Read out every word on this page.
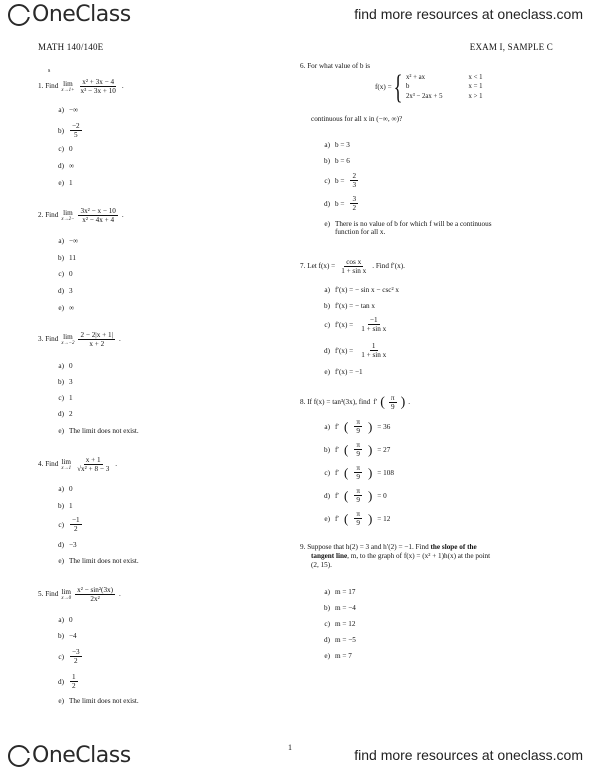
OneClass	find more resources at oneclass.com
MATH 140/140E	EXAM I, SAMPLE C
s
1. Find lim
$x\to 1+ \frac{\text{x² + 3x − 4}}{\text{x³ − 3x + 10}}$ .
a) −∞
$b) \frac{-2}{5}$
c) 0
d) ∞
e) 1
2. Find lim
$x\to 2- \frac{\text{3x² − x − 10}}{\text{x² − 4x + 4}}$ .
a) −∞
b) 11
c) 0
d) 3
e) ∞
3. Find lim
$x\to-2 \frac{2 - 2|x + 1|}{x + 2}$ .
a) 0
b) 3
c) 1
d) 2
e) The limit does not exist.
4. Find lim
$x\to 1 \frac{x + 1}{\text{√x² + 8 − 3}}$ .
a) 0
b) 1
$c) \frac{-1}{2}$
d) −3
e) The limit does not exist.
5. Find lim
$x\to 0 \frac{\text{x² − sin²(3x)}}{\text{2x²}}$ .
a) 0
b) −4
$c) \frac{-3}{2}$
$d) \frac{1}{2}$
e) The limit does not exist.
6. For what value of b is
f(x) = { x² + ax	x < 1
b	x = 1
2x³ − 2ax + 5	x > 1
continuous for all x in (−∞, ∞)?
a) b = 3
b) b = 6
c) $b = \frac{2}{3}$
d) $b = \frac{3}{2}$
e) There is no value of b for which f will be a continuous
function for all x.
7. Let $f(x) = \frac{\text{cos x}}{\text{1 + sin x}}$ . Find f′(x).
a) f′(x) = − sin x − csc² x
b) f′(x) = − tan x
c) $f'(x) = \frac{-1}{\text{1 + sin x}}$
d) $f'(x) = \frac{1}{\text{1 + sin x}}$
e) f′(x) = −1
8. If f(x) = tan³(3x), find f′ ( $\frac{\pi}{9}$ ) .
a) f′ ( $\frac{\pi}{9}$ ) = 36
b) f′ ( $\frac{\pi}{9}$ ) = 27
c) f′ ( $\frac{\pi}{9}$ ) = 108
d) f′ ( $\frac{\pi}{9}$ ) = 0
e) f′ ( $\frac{\pi}{9}$ ) = 12
9. Suppose that h(2) = 3 and h′(2) = −1. Find the slope of the
tangent line, m, to the graph of f(x) = (x² + 1)h(x) at the point
(2, 15).
a) m = 17
b) m = −4
c) m = 12
d) m = −5
e) m = 7
1
OneClass	find more resources at oneclass.com
